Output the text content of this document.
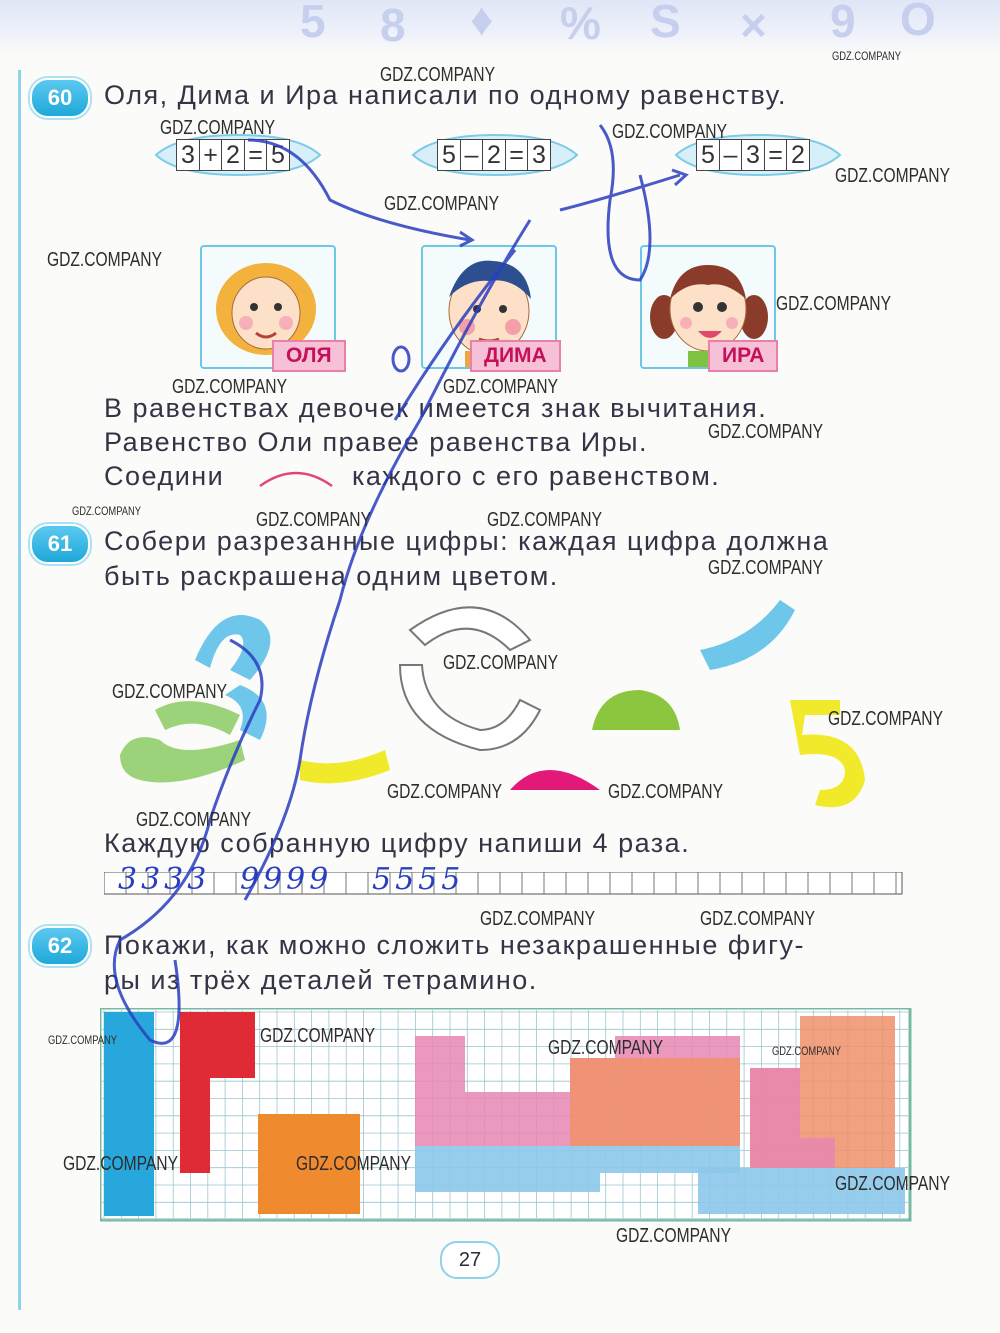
5 8 ♦ % S × 9 O
60	Оля, Дима и Ира написали по одному равенству.
3 + 2 = 5	5 – 2 = 3	5 – 3 = 2
ОЛЯ	ДИМА	ИРА
В равенствах девочек имеется знак вычитания.
Равенство Оли правее равенства Иры.
Соедини	каждого с его равенством.
61	Собери разрезанные цифры: каждая цифра должна
быть раскрашена одним цветом.
Каждую собранную цифру напиши 4 раза.
3333 9999 5555
62	Покажи, как можно сложить незакрашенные фигу-
ры из трёх деталей тетрамино.
GDZ.COMPANY
GDZ.COMPANY
GDZ.COMPANY	GDZ.COMPANY
GDZ.COMPANY
GDZ.COMPANY
GDZ.COMPANY
GDZ.COMPANY
GDZ.COMPANY	GDZ.COMPANY
GDZ.COMPANY
GDZ.COMPANY	GDZ.COMPANY	GDZ.COMPANY
GDZ.COMPANY
GDZ.COMPANY
GDZ.COMPANY
GDZ.COMPANY
GDZ.COMPANY	GDZ.COMPANY
GDZ.COMPANY
GDZ.COMPANY	GDZ.COMPANY
GDZ.COMPANY	GDZ.COMPANY
GDZ.COMPANY	GDZ.COMPANY
GDZ.COMPANY	GDZ.COMPANY
GDZ.COMPANY
GDZ.COMPANY
27
